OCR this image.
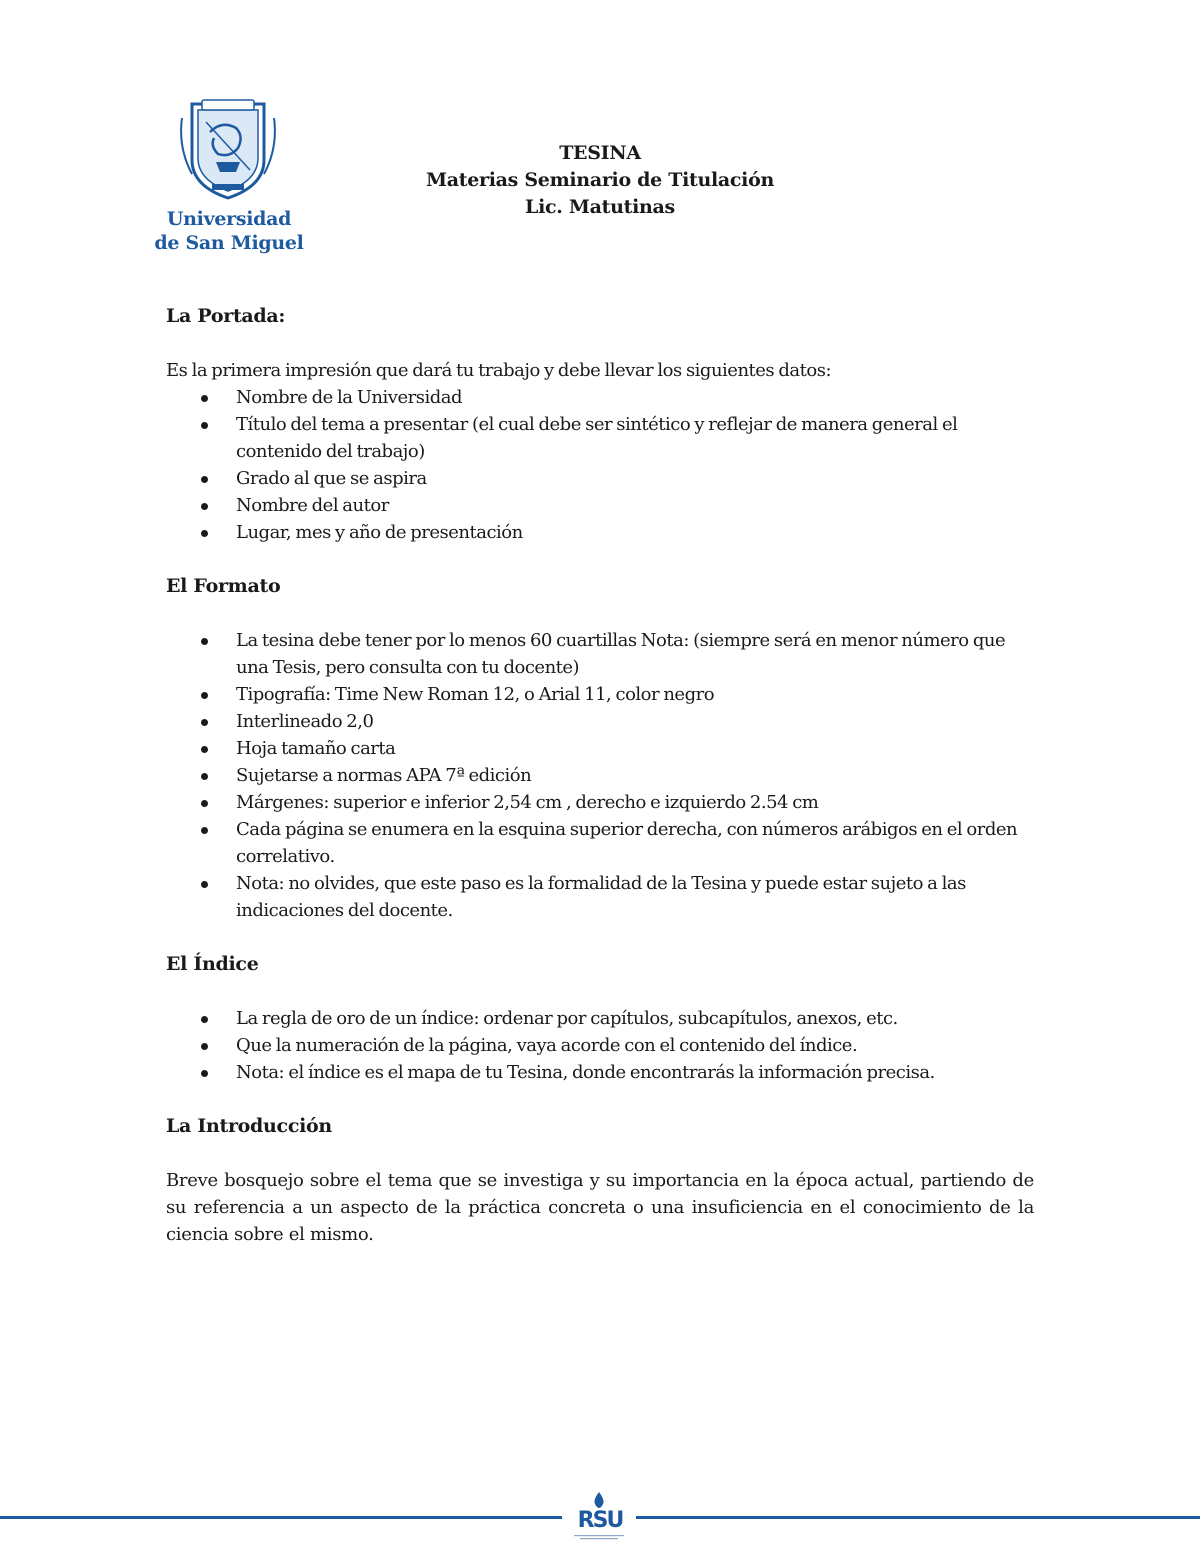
Universidad
de San Miguel
TESINA
Materias Seminario de Titulación
Lic. Matutinas
La Portada:
Es la primera impresión que dará tu trabajo y debe llevar los siguientes datos:
Nombre de la Universidad
Título del tema a presentar (el cual debe ser sintético y reflejar de manera general el contenido del trabajo)
Grado al que se aspira
Nombre del autor
Lugar, mes y año de presentación
El Formato
La tesina debe tener por lo menos 60 cuartillas Nota: (siempre será en menor número que una Tesis, pero consulta con tu docente)
Tipografía: Time New Roman 12, o Arial 11, color negro
Interlineado 2,0
Hoja tamaño carta
Sujetarse a normas APA 7ª edición
Márgenes: superior e inferior 2,54 cm , derecho e izquierdo 2.54 cm
Cada página se enumera en la esquina superior derecha, con números arábigos en el orden correlativo.
Nota: no olvides, que este paso es la formalidad de la Tesina y puede estar sujeto a las indicaciones del docente.
El Índice
La regla de oro de un índice: ordenar por capítulos, subcapítulos, anexos, etc.
Que la numeración de la página, vaya acorde con el contenido del índice.
Nota: el índice es el mapa de tu Tesina, donde encontrarás la información precisa.
La Introducción
Breve bosquejo sobre el tema que se investiga y su importancia en la época actual, partiendo de su referencia a un aspecto de la práctica concreta o una insuficiencia en el conocimiento de la ciencia sobre el mismo.
RSU
